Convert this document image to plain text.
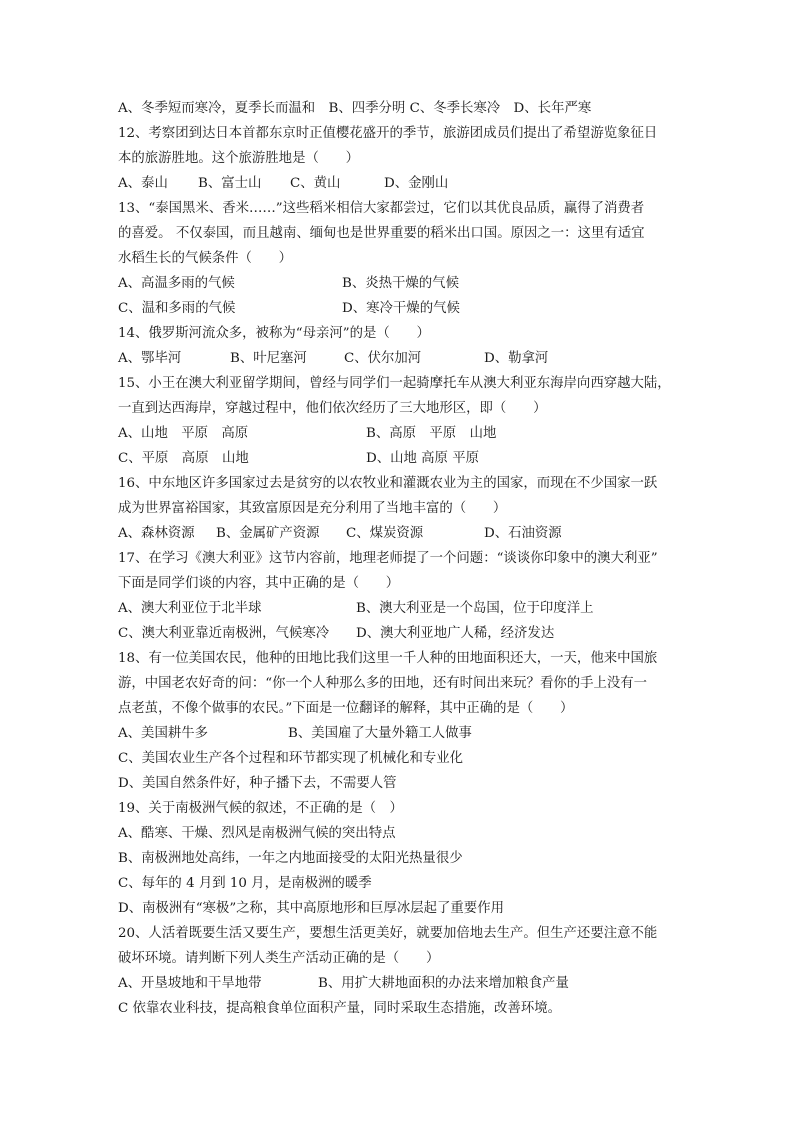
A、冬季短而寒冷，夏季长而温和　B、四季分明 C、冬季长寒冷　D、长年严寒
12、考察团到达日本首都东京时正值樱花盛开的季节，旅游团成员们提出了希望游览象征日
本的旅游胜地。这个旅游胜地是（　　）
A、泰山	B、富士山	C、黄山	D、金刚山
13、“泰国黑米、香米……”这些稻米相信大家都尝过，它们以其优良品质，赢得了消费者
的喜爱。 不仅泰国，而且越南、缅甸也是世界重要的稻米出口国。原因之一：这里有适宜
水稻生长的气候条件（　　）
A、高温多雨的气候	B、炎热干燥的气候
C、温和多雨的气候	D、寒冷干燥的气候
14、俄罗斯河流众多，被称为“母亲河”的是（　　）
A、鄂毕河	B、叶尼塞河	C、伏尔加河	D、勒拿河
15、小王在澳大利亚留学期间，曾经与同学们一起骑摩托车从澳大利亚东海岸向西穿越大陆，
一直到达西海岸，穿越过程中，他们依次经历了三大地形区，即（　　）
A、山地　平原　高原	B、高原　平原　山地
C、平原　高原　山地	D、山地 高原 平原
16、中东地区许多国家过去是贫穷的以农牧业和灌溉农业为主的国家，而现在不少国家一跃
成为世界富裕国家，其致富原因是充分利用了当地丰富的（　　）
A、森林资源	B、金属矿产资源	C、煤炭资源	D、石油资源
17、在学习《澳大利亚》这节内容前，地理老师提了一个问题：“谈谈你印象中的澳大利亚”
下面是同学们谈的内容，其中正确的是（　　）
A、澳大利亚位于北半球	B、澳大利亚是一个岛国，位于印度洋上
C、澳大利亚靠近南极洲，气候寒冷	D、澳大利亚地广人稀，经济发达
18、有一位美国农民，他种的田地比我们这里一千人种的田地面积还大，一天，他来中国旅
游，中国老农好奇的问：“你一个人种那么多的田地，还有时间出来玩？看你的手上没有一
点老茧，不像个做事的农民。”下面是一位翻译的解释，其中正确的是（　　）
A、美国耕牛多	B、美国雇了大量外籍工人做事
C、美国农业生产各个过程和环节都实现了机械化和专业化
D、美国自然条件好，种子播下去，不需要人管
19、关于南极洲气候的叙述，不正确的是（　）
A、酷寒、干燥、烈风是南极洲气候的突出特点
B、南极洲地处高纬，一年之内地面接受的太阳光热量很少
C、每年的 4 月到 10 月，是南极洲的暖季
D、南极洲有“寒极”之称，其中高原地形和巨厚冰层起了重要作用
20、人活着既要生活又要生产，要想生活更美好，就要加倍地去生产。但生产还要注意不能
破坏环境。请判断下列人类生产活动正确的是（　　）
A、开垦坡地和干旱地带	B、用扩大耕地面积的办法来增加粮食产量
C 依靠农业科技，提高粮食单位面积产量，同时采取生态措施，改善环境。
